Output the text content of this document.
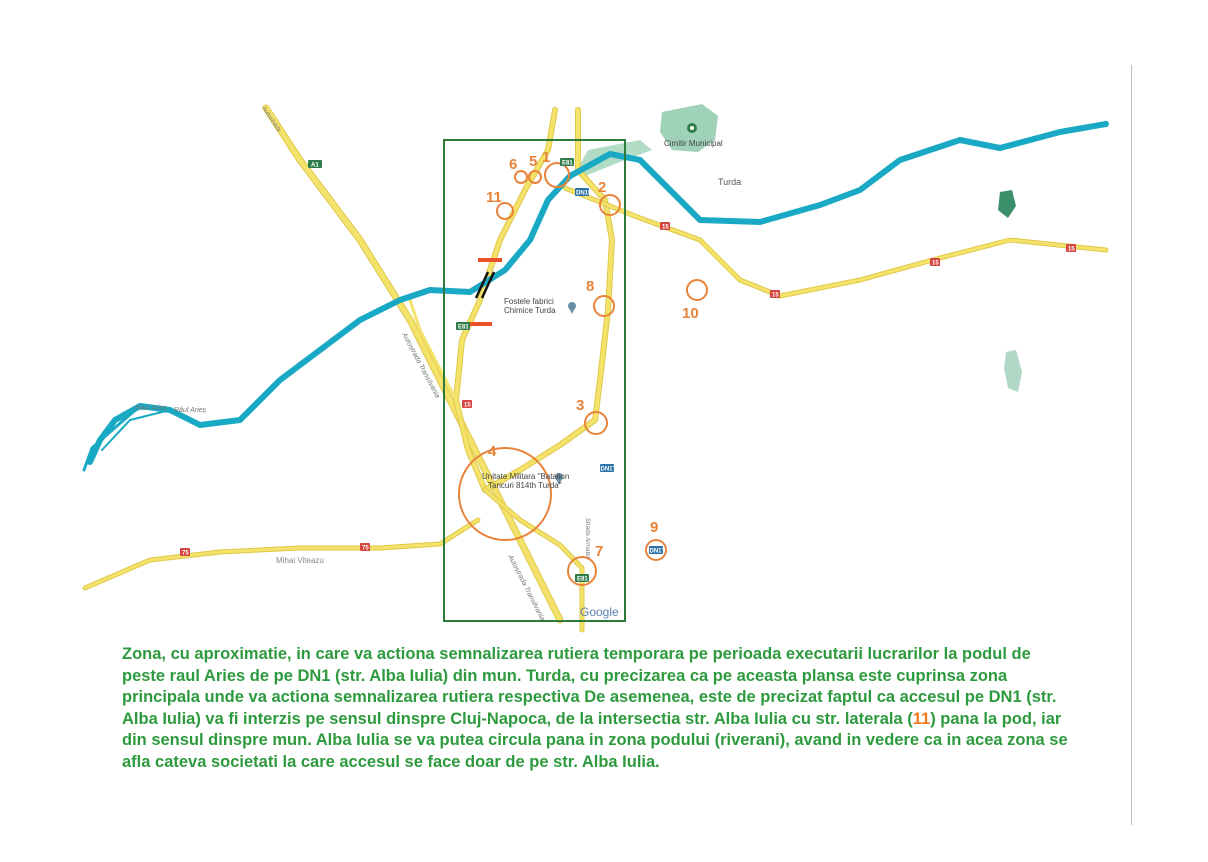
1
2
3
4
5
6
7
8
9
10
11
A1	E81
DN15
E81
15
DN1T
E81
DN1T
75
75
15
15
15
15
Cimitir Municipal
Turda
Fostele fabrici
Chimice Turda
Unitate Militara "Batalion
Tancuri 814th Turda"
Mihai Viteazu
Râul Arieș Râul Arieș
Autostrada Transilvania
Autostrada Transilvania
Strada Armatei
Autostrada
Google
Zona, cu aproximatie, in care va actiona semnalizarea rutiera temporara pe perioada executarii lucrarilor la podul de peste raul Aries de pe DN1 (str. Alba Iulia) din mun. Turda, cu precizarea ca pe aceasta plansa este cuprinsa zona principala unde va actiona semnalizarea rutiera respectiva De asemenea, este de precizat faptul ca accesul pe DN1 (str. Alba Iulia) va fi interzis pe sensul dinspre Cluj-Napoca, de la intersectia str. Alba Iulia cu str. laterala (11) pana la pod, iar din sensul dinspre mun. Alba Iulia se va putea circula pana in zona podului (riverani), avand in vedere ca in acea zona se afla cateva societati la care accesul se face doar de pe str. Alba Iulia.
